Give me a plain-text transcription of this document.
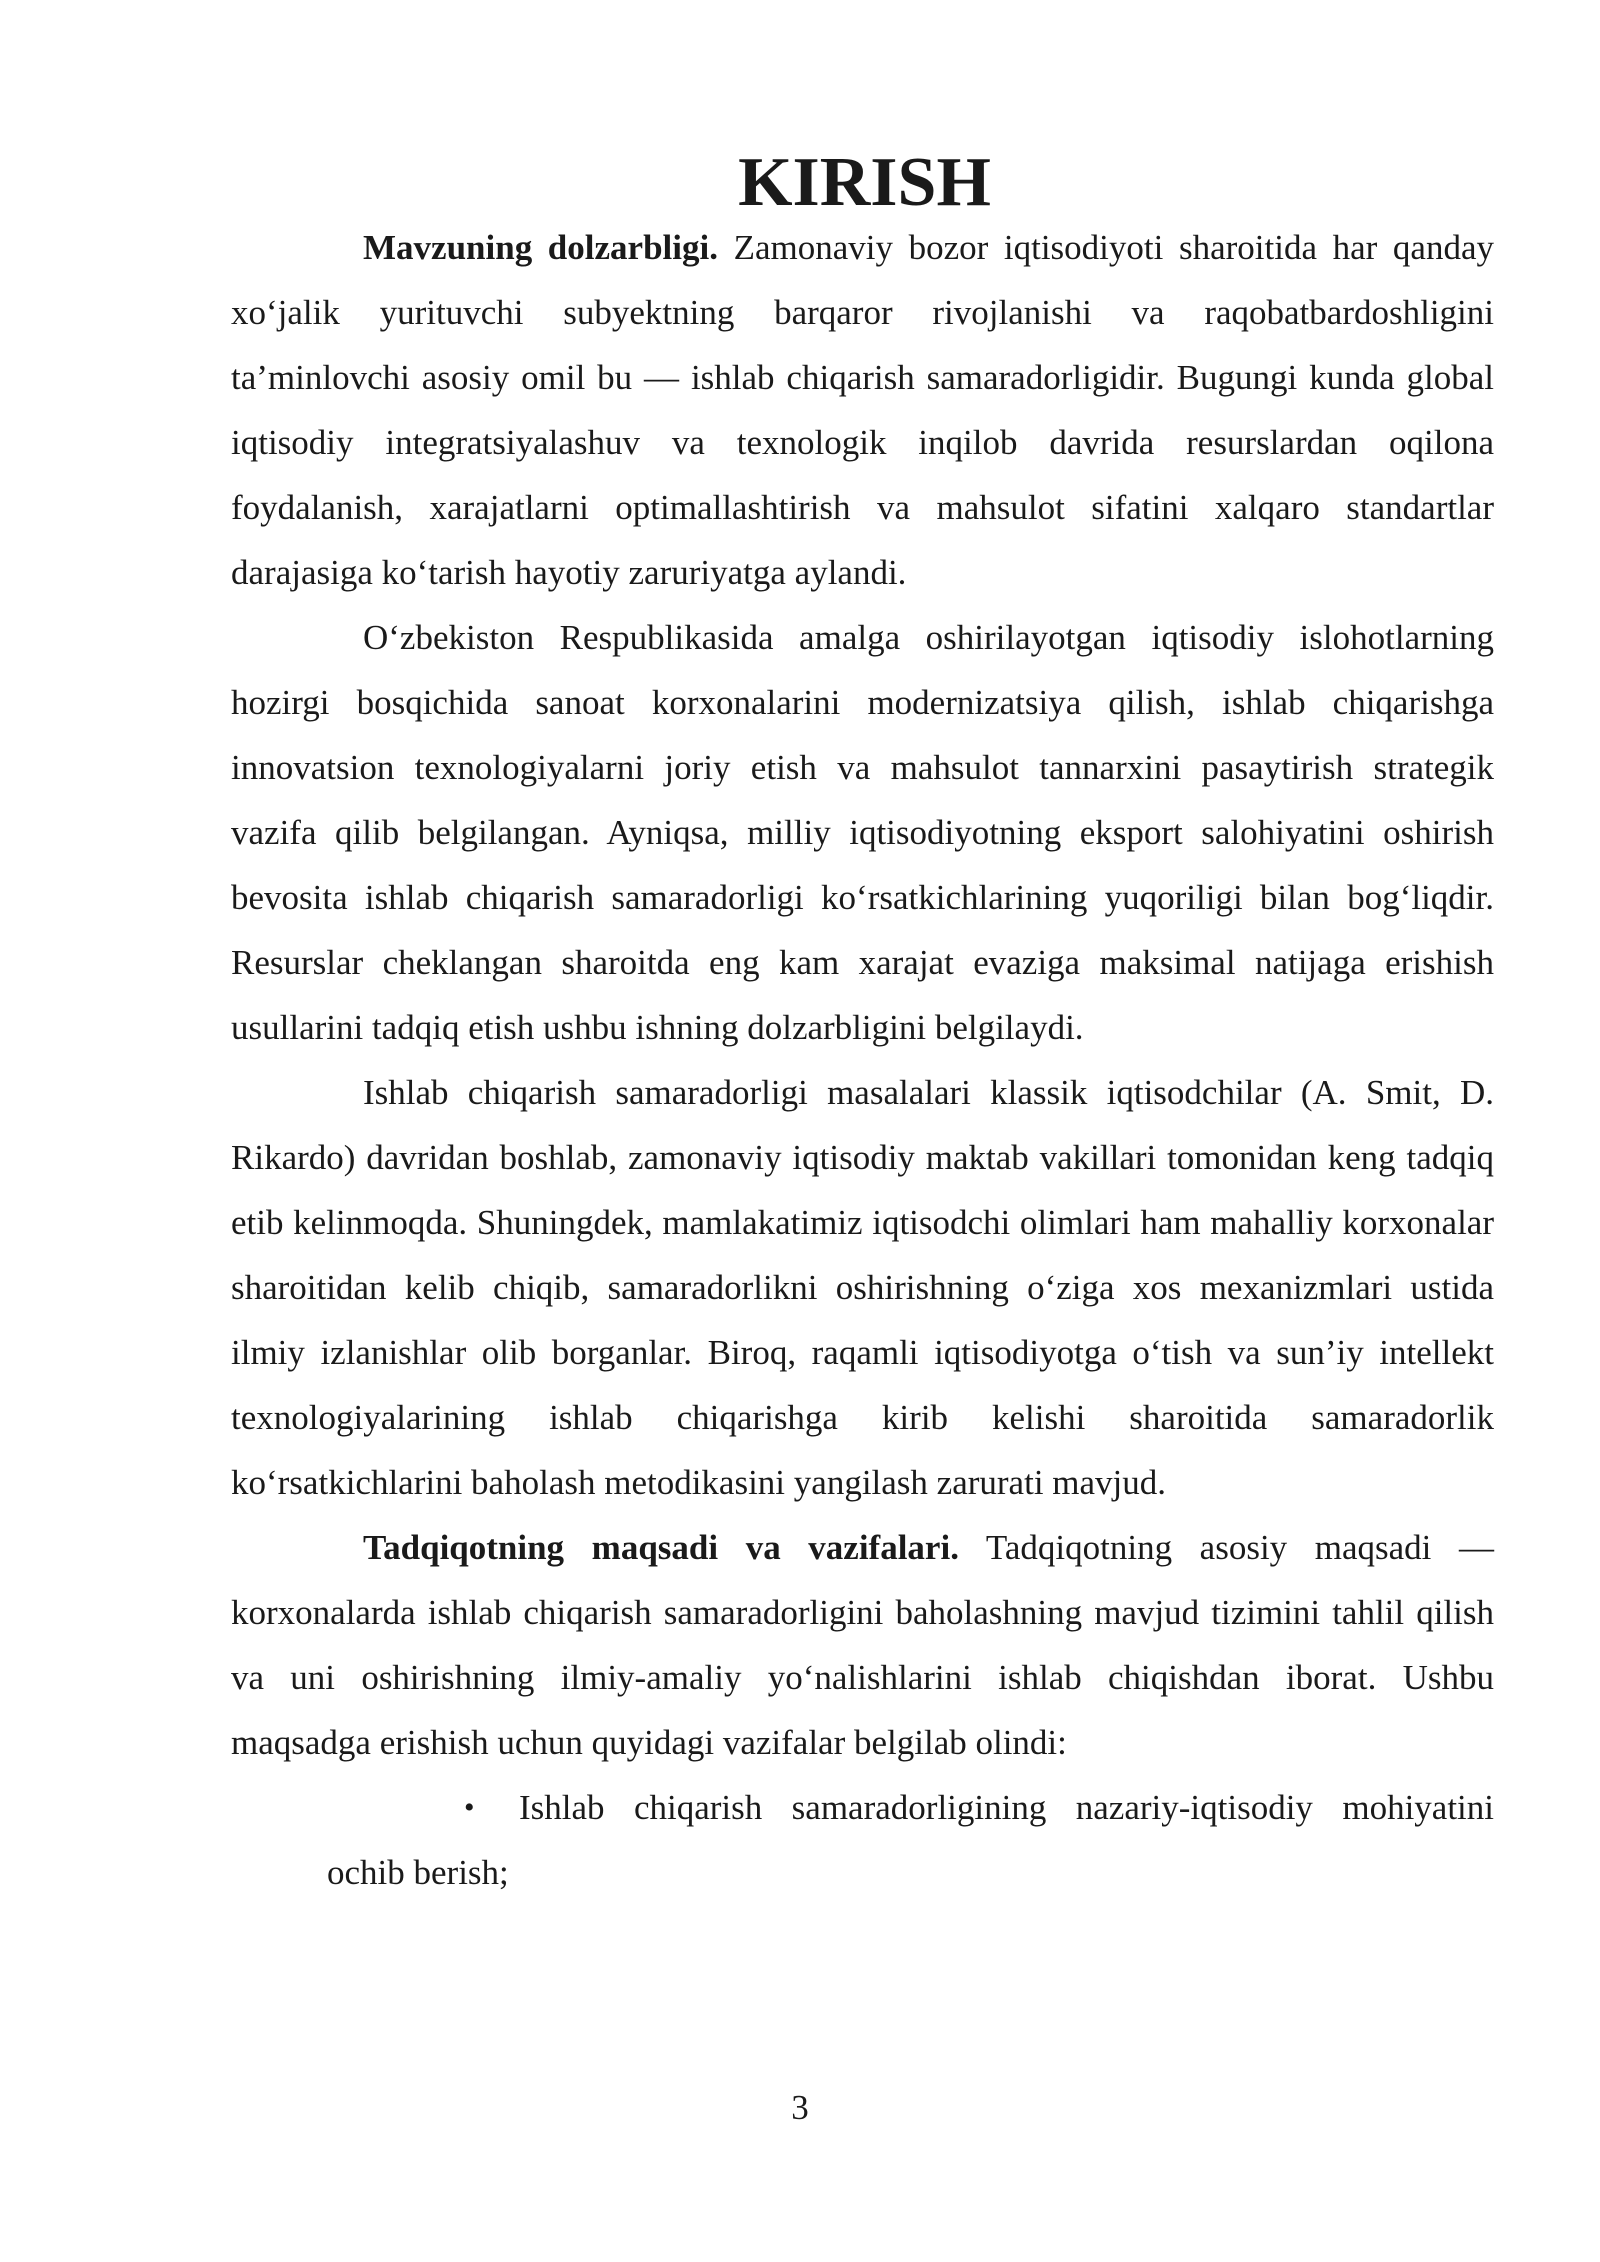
KIRISH

Mavzuning dolzarbligi. Zamonaviy bozor iqtisodiyoti sharoitida har qanday xo‘jalik yurituvchi subyektning barqaror rivojlanishi va raqobatbardoshligini ta’minlovchi asosiy omil bu — ishlab chiqarish samaradorligidir. Bugungi kunda global iqtisodiy integratsiyalashuv va texnologik inqilob davrida resurslardan oqilona foydalanish, xarajatlarni optimallashtirish va mahsulot sifatini xalqaro standartlar darajasiga ko‘tarish hayotiy zaruriyatga aylandi.

O‘zbekiston Respublikasida amalga oshirilayotgan iqtisodiy islohotlarning hozirgi bosqichida sanoat korxonalarini modernizatsiya qilish, ishlab chiqarishga innovatsion texnologiyalarni joriy etish va mahsulot tannarxini pasaytirish strategik vazifa qilib belgilangan. Ayniqsa, milliy iqtisodiyotning eksport salohiyatini oshirish bevosita ishlab chiqarish samaradorligi ko‘rsatkichlarining yuqoriligi bilan bog‘liqdir. Resurslar cheklangan sharoitda eng kam xarajat evaziga maksimal natijaga erishish usullarini tadqiq etish ushbu ishning dolzarbligini belgilaydi.

Ishlab chiqarish samaradorligi masalalari klassik iqtisodchilar (A. Smit, D. Rikardo) davridan boshlab, zamonaviy iqtisodiy maktab vakillari tomonidan keng tadqiq etib kelinmoqda. Shuningdek, mamlakatimiz iqtisodchi olimlari ham mahalliy korxonalar sharoitidan kelib chiqib, samaradorlikni oshirishning o‘ziga xos mexanizmlari ustida ilmiy izlanishlar olib borganlar. Biroq, raqamli iqtisodiyotga o‘tish va sun’iy intellekt texnologiyalarining ishlab chiqarishga kirib kelishi sharoitida samaradorlik ko‘rsatkichlarini baholash metodikasini yangilash zarurati mavjud.

Tadqiqotning maqsadi va vazifalari. Tadqiqotning asosiy maqsadi — korxonalarda ishlab chiqarish samaradorligini baholashning mavjud tizimini tahlil qilish va uni oshirishning ilmiy-amaliy yo‘nalishlarini ishlab chiqishdan iborat. Ushbu maqsadga erishish uchun quyidagi vazifalar belgilab olindi:

• Ishlab chiqarish samaradorligining nazariy-iqtisodiy mohiyatini ochib berish;
3
